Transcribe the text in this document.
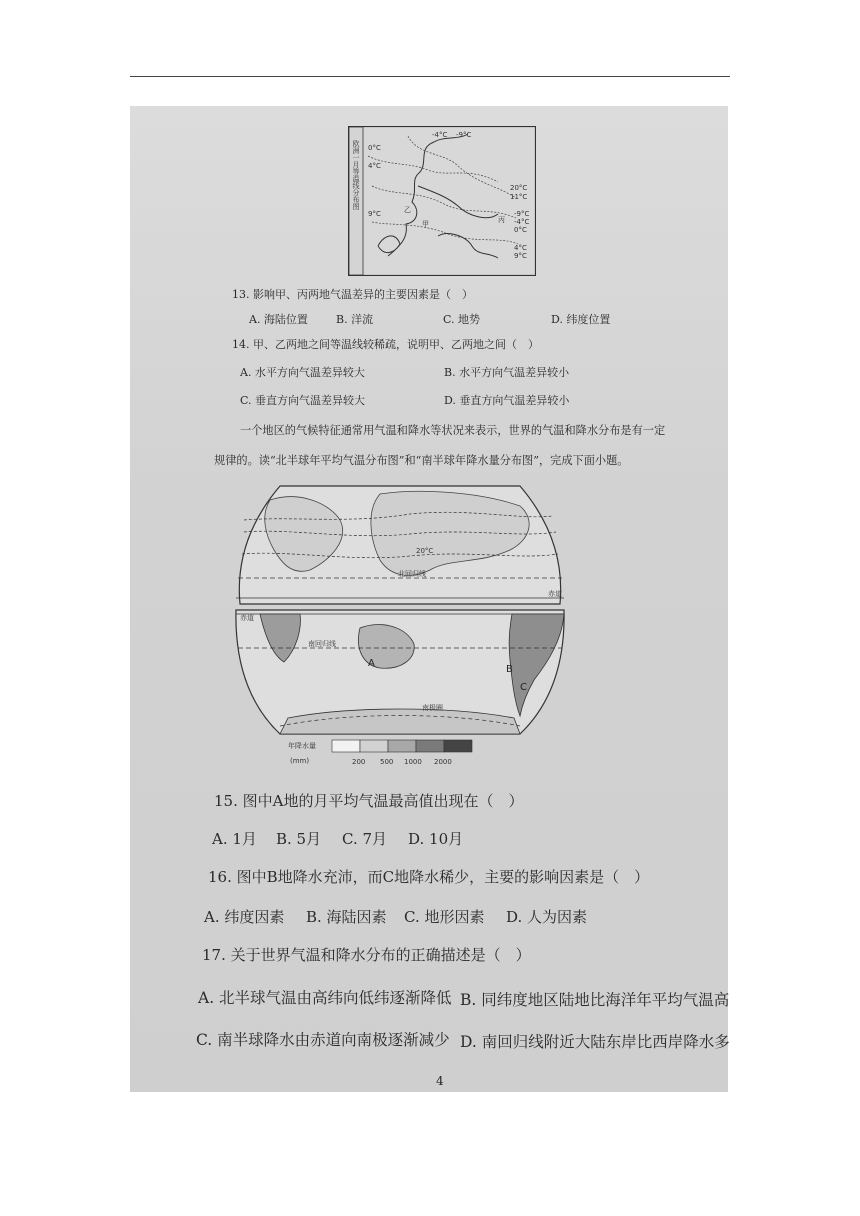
欧洲一月等温线分布图
-4°C -9°C
0°C
4°C
20°C
11°C
-9°C
-4°C
0°C
4°C
9°C
9°C	乙
甲	丙
13. 影响甲、丙两地气温差异的主要因素是（　）
A. 海陆位置	B. 洋流	C. 地势	D. 纬度位置
14. 甲、乙两地之间等温线较稀疏，说明甲、乙两地之间（　）
A. 水平方向气温差异较大	B. 水平方向气温差异较小
C. 垂直方向气温差异较大	D. 垂直方向气温差异较小
一个地区的气候特征通常用气温和降水等状况来表示，世界的气温和降水分布是有一定
规律的。读“北半球年平均气温分布图”和“南半球年降水量分布图”，完成下面小题。
20°C
北回归线
赤道
赤道
南回归线
南极圈
A
B
C
年降水量
(mm)	200 500 1000 2000
15. 图中A地的月平均气温最高值出现在（　）
A. 1月 B. 5月 C. 7月 D. 10月
16. 图中B地降水充沛，而C地降水稀少，主要的影响因素是（　）
A. 纬度因素 B. 海陆因素 C. 地形因素 D. 人为因素
17. 关于世界气温和降水分布的正确描述是（　）
A. 北半球气温由高纬向低纬逐渐降低 B. 同纬度地区陆地比海洋年平均气温高
C. 南半球降水由赤道向南极逐渐减少 D. 南回归线附近大陆东岸比西岸降水多
4
